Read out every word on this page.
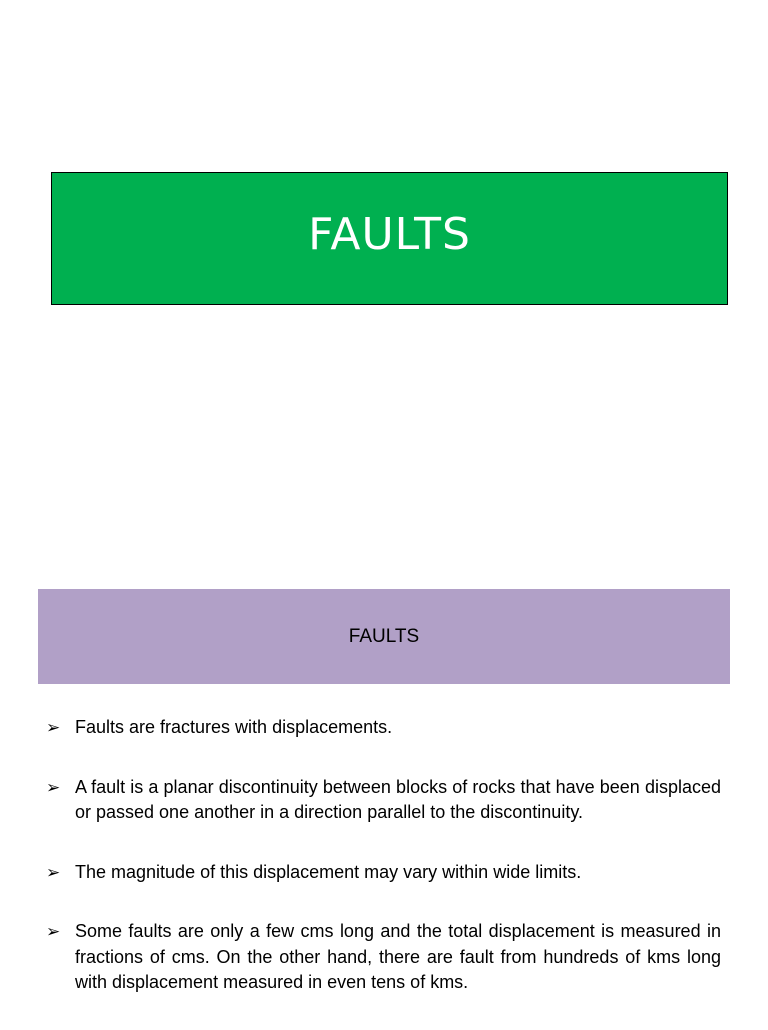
FAULTS
FAULTS
➢ Faults are fractures with displacements.
➢ A fault is a planar discontinuity between blocks of rocks that have been displaced or passed one another in a direction parallel to the discontinuity.
➢ The magnitude of this displacement may vary within wide limits.
➢ Some faults are only a few cms long and the total displacement is measured in fractions of cms. On the other hand, there are fault from hundreds of kms long with displacement measured in even tens of kms.
